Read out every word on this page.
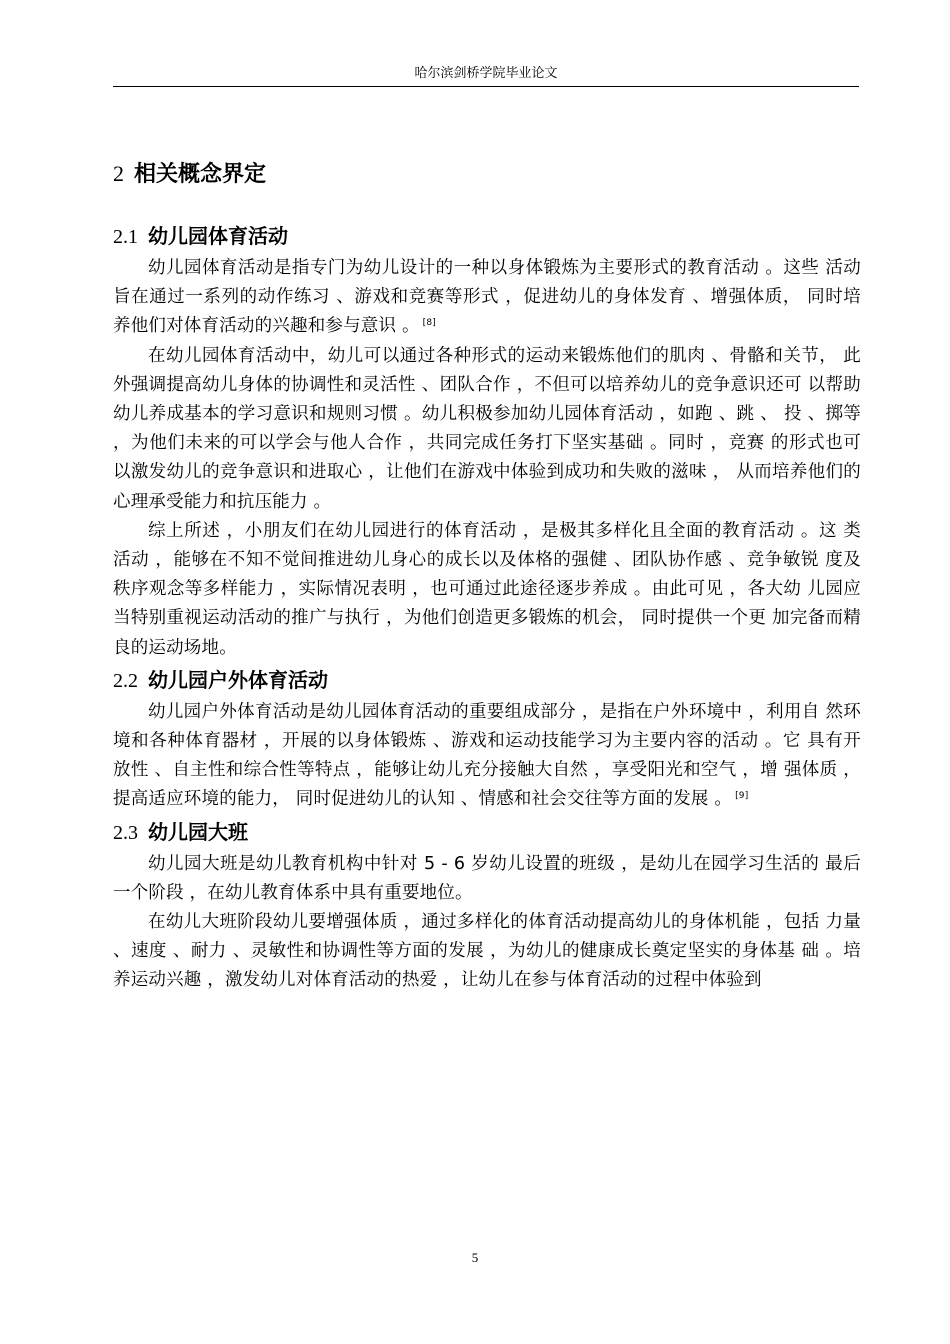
哈尔滨剑桥学院毕业论文
2 相关概念界定
2.1 幼儿园体育活动

幼儿园体育活动是指专门为幼儿设计的一种以身体锻炼为主要形式的教育活动 。这些 活动旨在通过一系列的动作练习 、游戏和竞赛等形式 ，促进幼儿的身体发育 、增强体质， 同时培养他们对体育活动的兴趣和参与意识 。 [8]

在幼儿园体育活动中，幼儿可以通过各种形式的运动来锻炼他们的肌肉 、骨骼和关节， 此外强调提高幼儿身体的协调性和灵活性 、团队合作 ，不但可以培养幼儿的竞争意识还可 以帮助幼儿养成基本的学习意识和规则习惯 。幼儿积极参加幼儿园体育活动 ，如跑 、跳 、 投 、掷等 ，为他们未来的可以学会与他人合作 ，共同完成任务打下坚实基础 。同时 ，竞赛 的形式也可以激发幼儿的竞争意识和进取心 ，让他们在游戏中体验到成功和失败的滋味 ， 从而培养他们的心理承受能力和抗压能力 。

综上所述 ，小朋友们在幼儿园进行的体育活动 ，是极其多样化且全面的教育活动 。这 类活动 ，能够在不知不觉间推进幼儿身心的成长以及体格的强健 、团队协作感 、竞争敏锐 度及秩序观念等多样能力 ，实际情况表明 ，也可通过此途径逐步养成 。由此可见 ，各大幼 儿园应当特别重视运动活动的推广与执行 ，为他们创造更多锻炼的机会， 同时提供一个更 加完备而精良的运动场地。

2.2 幼儿园户外体育活动

幼儿园户外体育活动是幼儿园体育活动的重要组成部分 ，是指在户外环境中 ，利用自 然环境和各种体育器材 ，开展的以身体锻炼 、游戏和运动技能学习为主要内容的活动 。它 具有开放性 、自主性和综合性等特点 ，能够让幼儿充分接触大自然 ，享受阳光和空气 ，增 强体质 ，提高适应环境的能力， 同时促进幼儿的认知 、情感和社会交往等方面的发展 。 [9]

2.3 幼儿园大班

幼儿园大班是幼儿教育机构中针对 5 - 6 岁幼儿设置的班级 ，是幼儿在园学习生活的 最后一个阶段 ，在幼儿教育体系中具有重要地位。

在幼儿大班阶段幼儿要增强体质 ，通过多样化的体育活动提高幼儿的身体机能 ，包括 力量 、速度 、耐力 、灵敏性和协调性等方面的发展 ，为幼儿的健康成长奠定坚实的身体基 础 。培养运动兴趣 ，激发幼儿对体育活动的热爱 ，让幼儿在参与体育活动的过程中体验到

5
